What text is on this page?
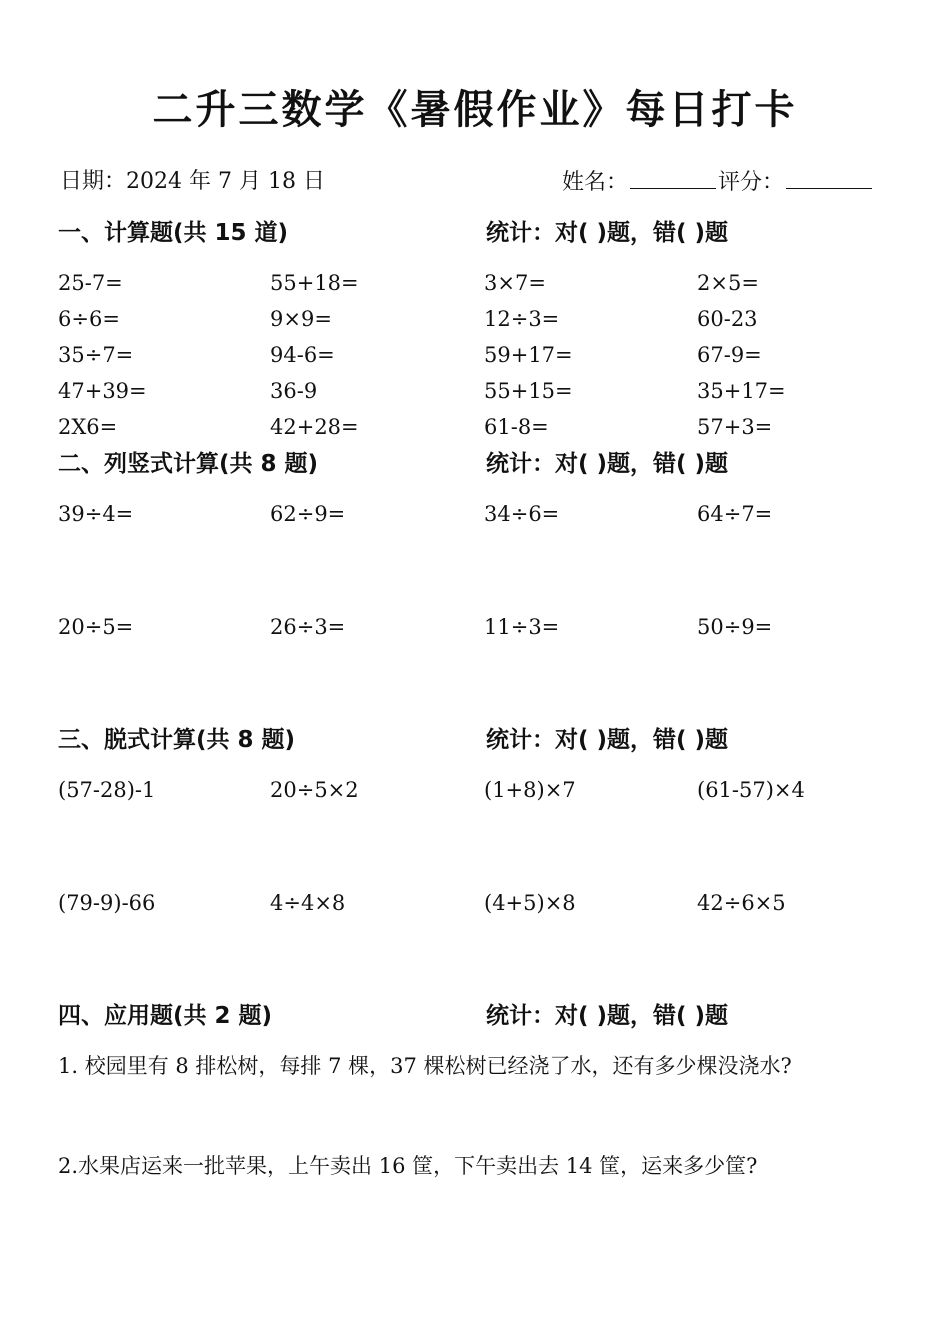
二升三数学《暑假作业》每日打卡
日期：2024 年 7 月 18 日	姓名：	评分：
一、计算题(共 15 道)	统计：对( )题，错( )题
25-7=	55+18=	3×7=	2×5=
6÷6=	9×9=	12÷3=	60-23
35÷7=	94-6=	59+17=	67-9=
47+39=	36-9	55+15=	35+17=
2X6=	42+28=	61-8=	57+3=
二、列竖式计算(共 8 题)	统计：对( )题，错( )题
39÷4=	62÷9=	34÷6=	64÷7=
20÷5=	26÷3=	11÷3=	50÷9=
三、脱式计算(共 8 题)	统计：对( )题，错( )题
(57-28)-1	20÷5×2	(1+8)×7	(61-57)×4
(79-9)-66	4÷4×8	(4+5)×8	42÷6×5
四、应用题(共 2 题)	统计：对( )题，错( )题
1. 校园里有 8 排松树，每排 7 棵，37 棵松树已经浇了水，还有多少棵没浇水?
2.水果店运来一批苹果，上午卖出 16 筐，下午卖出去 14 筐，运来多少筐?
